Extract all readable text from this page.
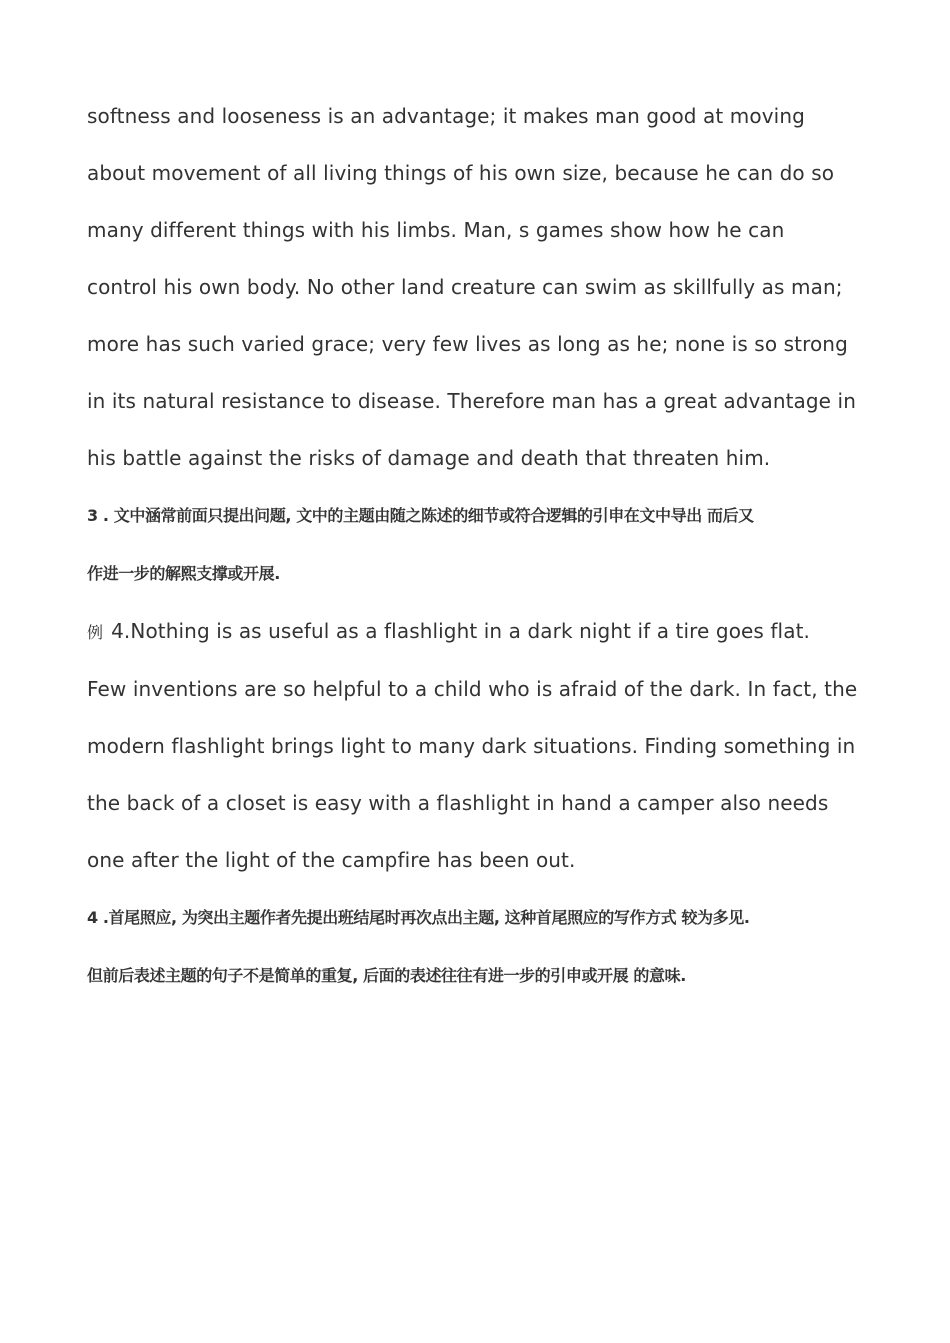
softness and looseness is an advantage; it makes man good at moving
about movement of all living things of his own size, because he can do so
many different things with his limbs. Man, s games show how he can
control his own body. No other land creature can swim as skillfully as man;
more has such varied grace; very few lives as long as he; none is so strong
in its natural resistance to disease. Therefore man has a great advantage in
his battle against the risks of damage and death that threaten him.
3 . 文中涵常前面只提出问题, 文中的主题由随之陈述的细节或符合逻辑的引申在文中导出 而后又
作进一步的解熙支撑或开展.
例 4.Nothing is as useful as a flashlight in a dark night if a tire goes flat.
Few inventions are so helpful to a child who is afraid of the dark. In fact, the
modern flashlight brings light to many dark situations. Finding something in
the back of a closet is easy with a flashlight in hand a camper also needs
one after the light of the campfire has been out.
4 .首尾照应, 为突出主题作者先提出班结尾时再次点出主题, 这种首尾照应的写作方式 较为多见.
但前后表述主题的句子不是简单的重复, 后面的表述往往有进一步的引申或开展 的意味.
